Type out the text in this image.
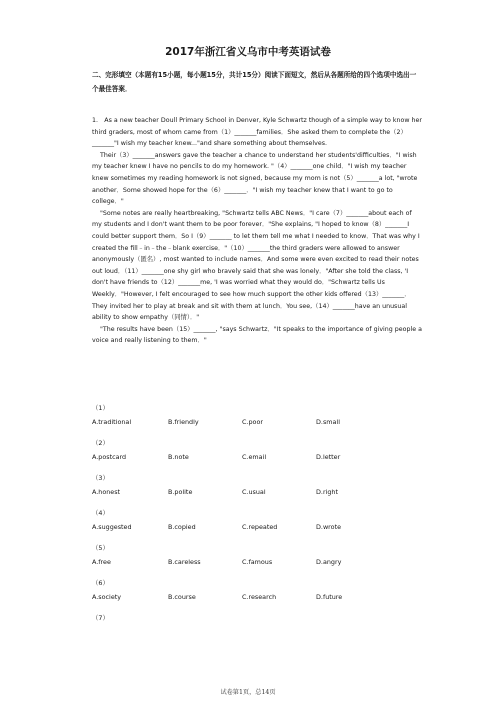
2017年浙江省义乌市中考英语试卷
二、完形填空（本题有15小题，每小题15分，共计15分）阅读下面短文，然后从各题所给的四个选项中选出一个最佳答案．

1.　As a new teacher Doull Primary School in Denver, Kyle Schwartz though of a simple way to know her third graders, most of whom came from（1）_______families．She asked them to complete the（2）_______"I wish my teacher knew..."and share something about themselves.

Their（3）_______answers gave the teacher a chance to understand her students'difficulties．"I wish my teacher knew I have no pencils to do my homework. "（4）_______one child．"I wish my teacher knew sometimes my reading homework is not signed, because my mom is not（5）_______a lot, "wrote another．Some showed hope for the（6）_______．"I wish my teacher knew that I want to go to college．"

"Some notes are really heartbreaking, "Schwartz tells ABC News．"I care（7）_______about each of my students and I don't want them to be poor forever．"She explains, "I hoped to know（8）_______I could better support them．So I（9）_______ to let them tell me what I needed to know．That was why I created the fill﹣in﹣the﹣blank exercise．"（10）_______the third graders were allowed to answer anonymously（匿名）, most wanted to include names．And some were even excited to read their notes out loud．（11）_______one shy girl who bravely said that she was lonely．"After she told the class, 'I don't have friends to（12）_______me, 'I was worried what they would do．"Schwartz tells Us Weekly．"However, I felt encouraged to see how much support the other kids offered（13）_______．They invited her to play at break and sit with them at lunch．You see,（14）_______have an unusual ability to show empathy（同情）．"

"The results have been（15）_______, "says Schwartz．"It speaks to the importance of giving people a voice and really listening to them．"

（1）
A.traditional	B.friendly	C.poor	D.small
（2）
A.postcard	B.note	C.email	D.letter
（3）
A.honest	B.polite	C.usual	D.right
（4）
A.suggested	B.copied	C.repeated	D.wrote
（5）
A.free	B.careless	C.famous	D.angry
（6）
A.society	B.course	C.research	D.future
（7）
试卷第1页，总14页
